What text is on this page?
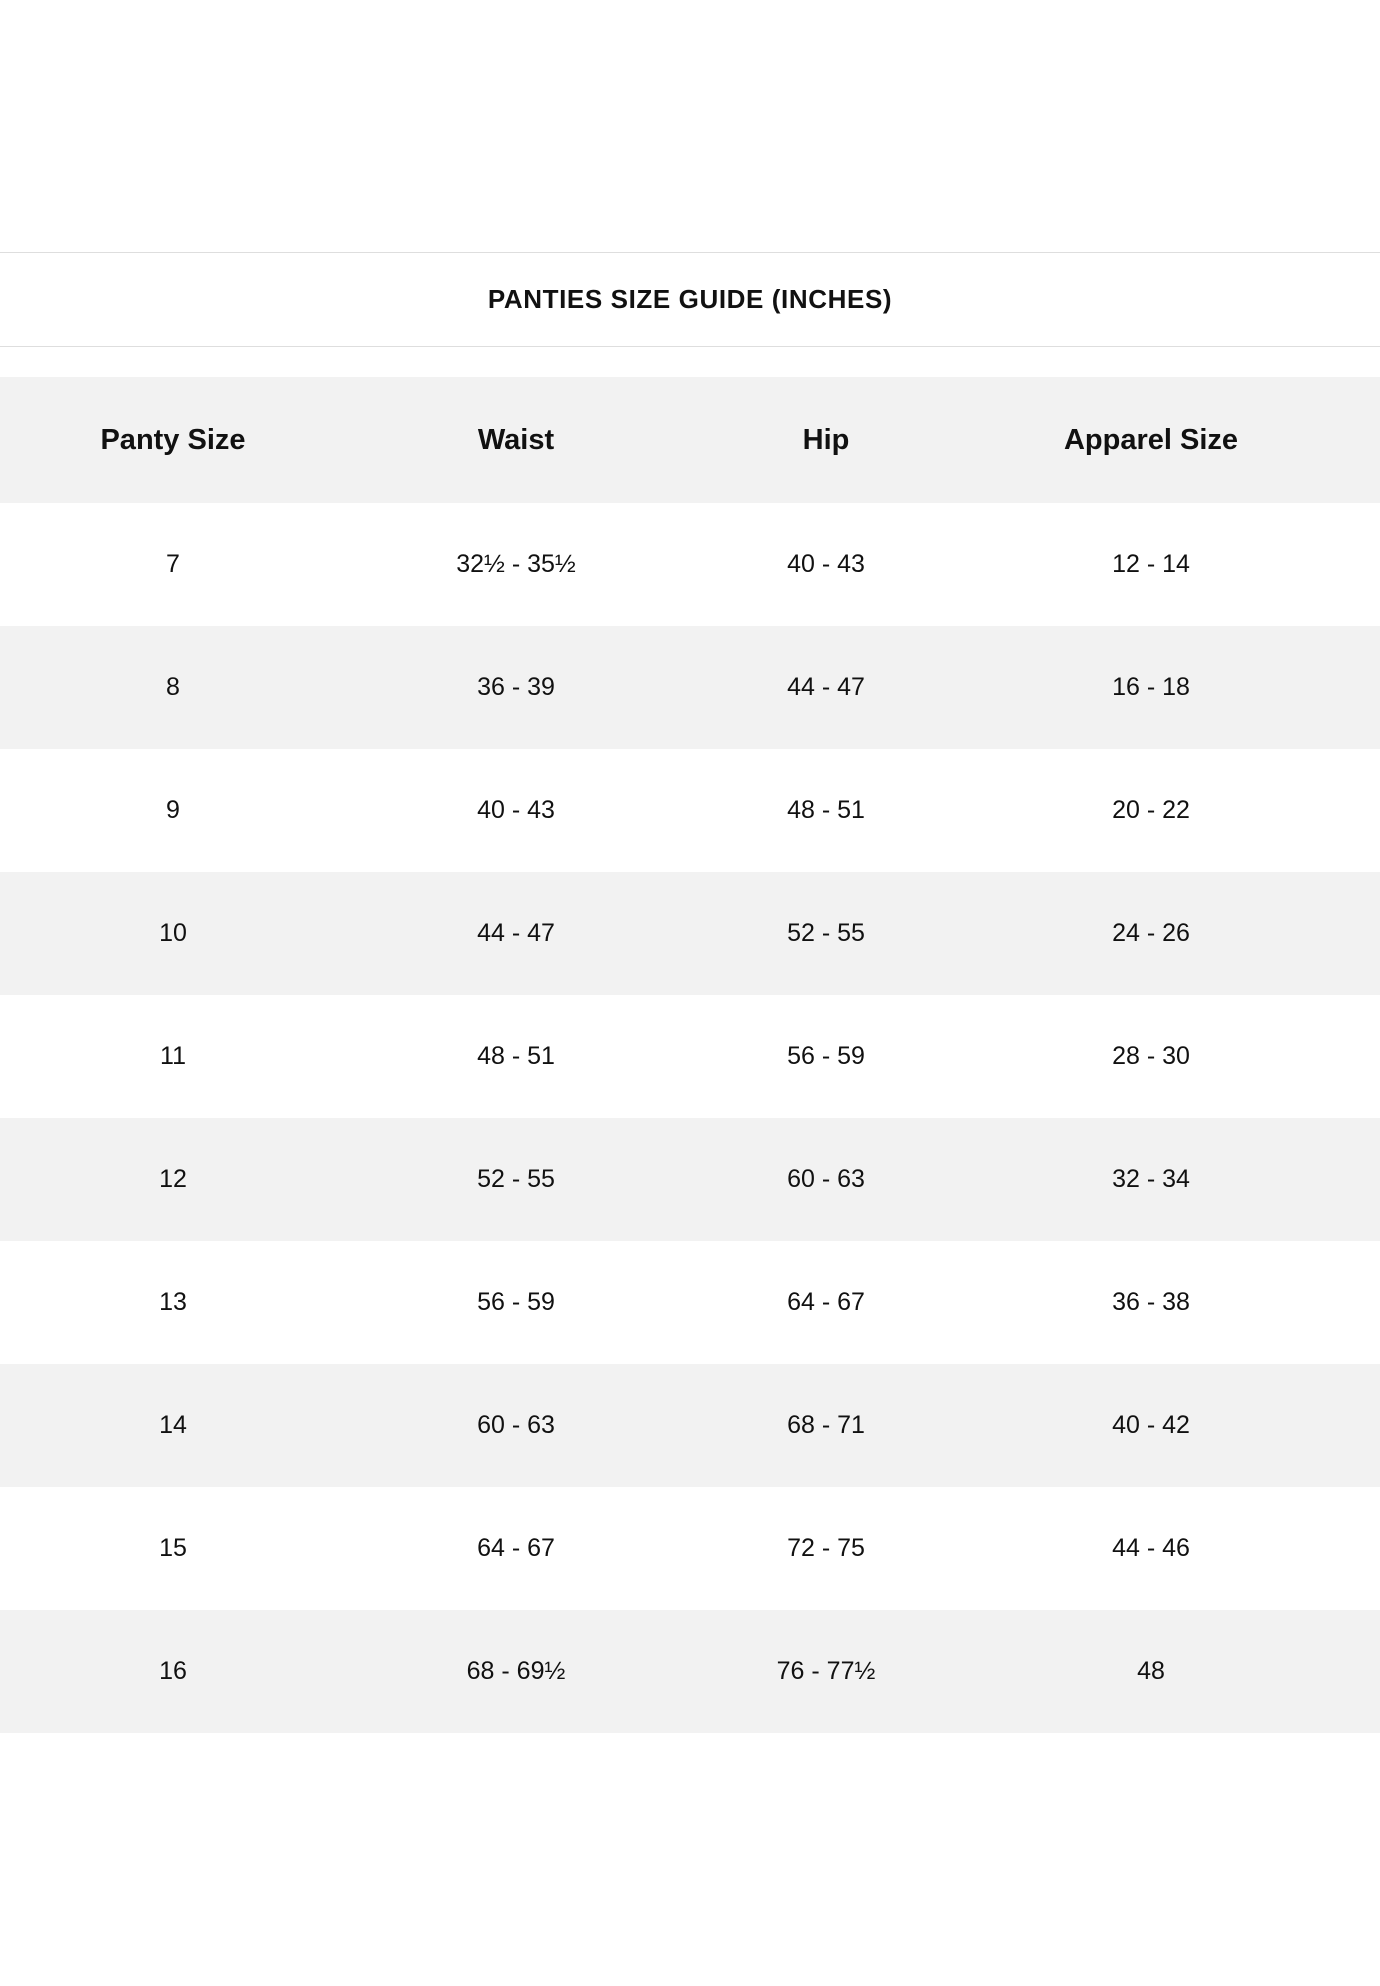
PANTIES SIZE GUIDE (INCHES)
Panty Size	Waist	Hip	Apparel Size
7	32½ - 35½	40 - 43	12 - 14
8	36 - 39	44 - 47	16 - 18
9	40 - 43	48 - 51	20 - 22
10	44 - 47	52 - 55	24 - 26
11	48 - 51	56 - 59	28 - 30
12	52 - 55	60 - 63	32 - 34
13	56 - 59	64 - 67	36 - 38
14	60 - 63	68 - 71	40 - 42
15	64 - 67	72 - 75	44 - 46
16	68 - 69½	76 - 77½	48
